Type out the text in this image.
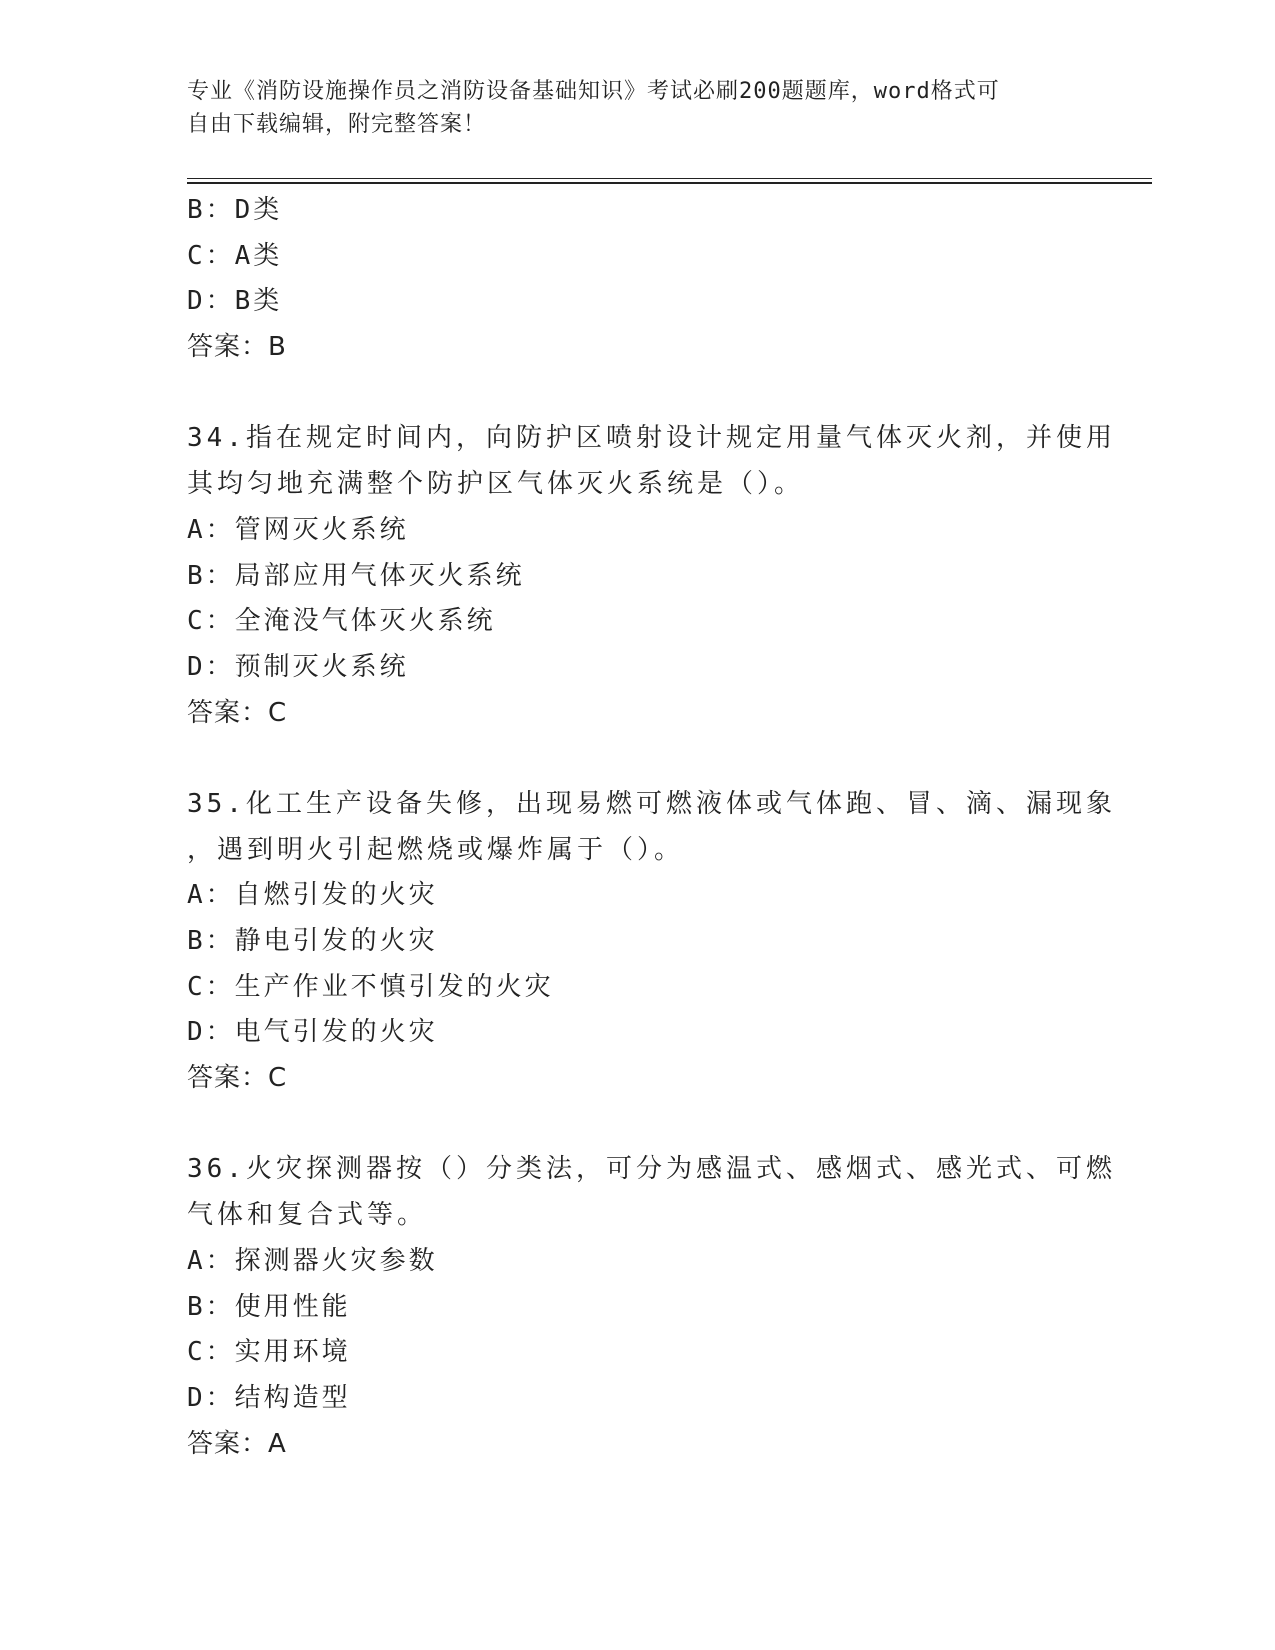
专业《消防设施操作员之消防设备基础知识》考试必刷200题题库，word格式可
自由下载编辑，附完整答案！
B：D类
C：A类
D：B类
答案：B
34.指在规定时间内，向防护区喷射设计规定用量气体灭火剂，并使用
其均匀地充满整个防护区气体灭火系统是（）。
A：管网灭火系统
B：局部应用气体灭火系统
C：全淹没气体灭火系统
D：预制灭火系统
答案：C
35.化工生产设备失修，出现易燃可燃液体或气体跑、冒、滴、漏现象
，遇到明火引起燃烧或爆炸属于（）。
A：自燃引发的火灾
B：静电引发的火灾
C：生产作业不慎引发的火灾
D：电气引发的火灾
答案：C
36.火灾探测器按（）分类法，可分为感温式、感烟式、感光式、可燃
气体和复合式等。
A：探测器火灾参数
B：使用性能
C：实用环境
D：结构造型
答案：A
